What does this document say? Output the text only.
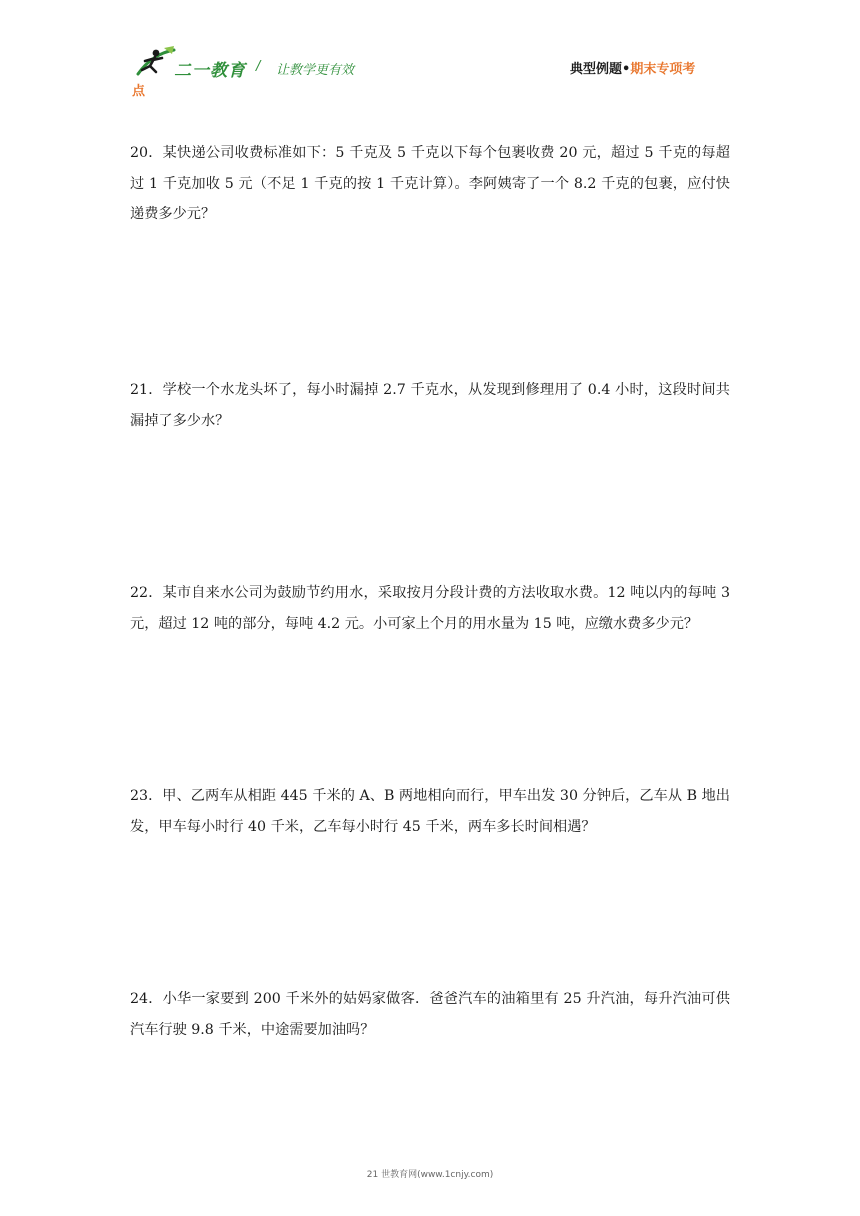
二一教育 / 让教学更有效	典型例题•期末专项考
点
20．某快递公司收费标准如下：5 千克及 5 千克以下每个包裹收费 20 元，超过 5 千克的每超过 1 千克加收 5 元（不足 1 千克的按 1 千克计算）。李阿姨寄了一个 8.2 千克的包裹，应付快递费多少元？
21．学校一个水龙头坏了，每小时漏掉 2.7 千克水，从发现到修理用了 0.4 小时，这段时间共漏掉了多少水？
22．某市自来水公司为鼓励节约用水，采取按月分段计费的方法收取水费。12 吨以内的每吨 3 元，超过 12 吨的部分，每吨 4.2 元。小可家上个月的用水量为 15 吨，应缴水费多少元？
23．甲、乙两车从相距 445 千米的 A、B 两地相向而行，甲车出发 30 分钟后，乙车从 B 地出发，甲车每小时行 40 千米，乙车每小时行 45 千米，两车多长时间相遇？
24．小华一家要到 200 千米外的姑妈家做客．爸爸汽车的油箱里有 25 升汽油，每升汽油可供汽车行驶 9.8 千米，中途需要加油吗？
21 世教育网(www.1cnjy.com)
